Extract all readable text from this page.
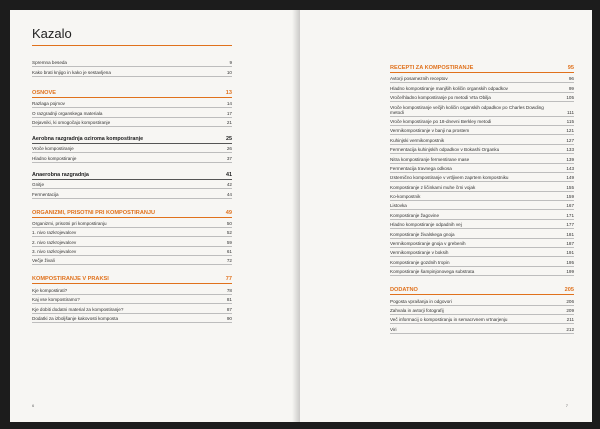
Kazalo
Spremna beseda	9
Kako brati knjigo in kako je sestavljena	10
OSNOVE	13
Razlaga pojmov	14
O razgradnji organskega materiala	17
Dejavniki, ki omogočajo kompostiranje	21
Aerobna razgradnja oziroma kompostiranje	25
Vroče kompostiranje	26
Hladno kompostiranje	37
Anaerobna razgradnja	41
Gnitje	42
Fermentacija	44
ORGANIZMI, PRISOTNI PRI KOMPOSTIRANJU	49
Organizmi, prisotni pri kompostiranju	50
1. nivo razkrojevalcev	52
2. nivo razkrojevalcev	59
3. nivo razkrojevalcev	61
Večje živali	72
KOMPOSTIRANJE V PRAKSI	77
Kje kompostirati?	78
Kaj vse kompostiramo?	81
Kje dobiti dodatni material za kompostiranje?	87
Dodatki za izboljšanje kakovosti komposta	90
6
RECEPTI ZA KOMPOSTIRANJE	95
Avtorji posameznih receptov	96
Hladno kompostiranje manjših količin organskih odpadkov	99
Vroče/hladno kompostiranje po metodi Vrta Obilja	105
Vroče kompostiranje večjih količin organskih odpadkov po Charles Dowding metodi	111
Vroče kompostiranje po 18-dnevni Berkley metodi	115
Vermikompostiranje v banji na prostem	121
Kuhinjski vermikompostnik	127
Fermentacija kuhinjskih odpadkov v Bokashi Organku	133
Nitra kompostiranje fermentirane mase	139
Fermentacija travnega odkosa	143
Izstemično kompostiranje v vrtljivem zaprtem kompostniku	149
Kompostiranje z ličinkami muhe črni vojak	155
Ko-kompostnik	159
Listovka	167
Kompostiranje žagovine	171
Hladno kompostiranje odpadnih vej	177
Kompostiranje živalskega gnoja	181
Vermikompostiranje gnoja v grebenih	187
Vermikompostiranje v boksih	191
Kompostiranje gozdnih tropin	195
Kompostiranje šampinjonovega substrata	199
DODATNO	205
Pogosta vprašanja in odgovori	206
Zahvala in avtorji fotografij	209
Več informacij o kompostiranju in semacrvnem vrtnarjenju	211
Viri	212
7
